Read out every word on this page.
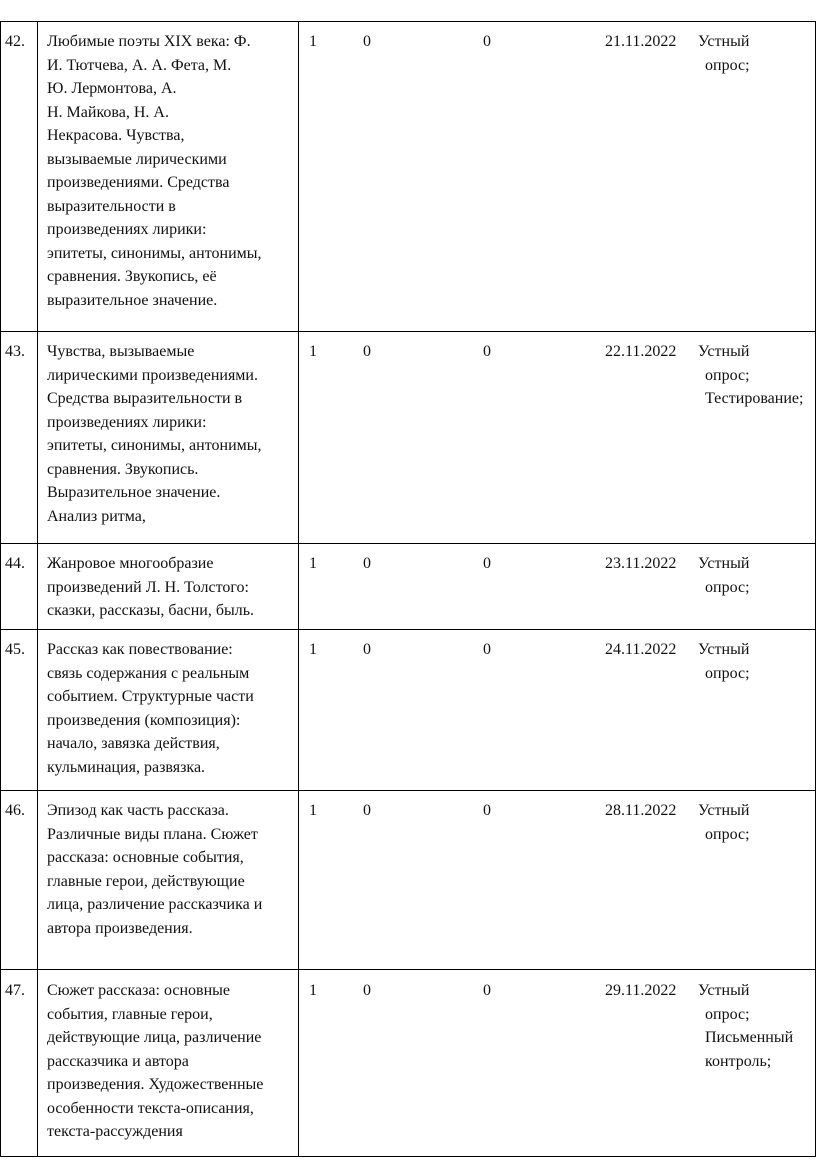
42.	Любимые поэты XIX века: Ф.
И. Тютчева, А. А. Фета, М.
Ю. Лермонтова, А.
Н. Майкова, Н. А.
Некрасова. Чувства,
вызываемые лирическими
произведениями. Средства
выразительности в
произведениях лирики:
эпитеты, синонимы, антонимы,
сравнения. Звукопись, её
выразительное значение.
1	0	0	21.11.2022	Устный
опрос;
43.	Чувства, вызываемые
лирическими произведениями.
Средства выразительности в
произведениях лирики:
эпитеты, синонимы, антонимы,
сравнения. Звукопись.
Выразительное значение.
Анализ ритма,
1	0	0	22.11.2022	Устный
опрос;
Тестирование;
44.	Жанровое многообразие
произведений Л. Н. Толстого:
сказки, рассказы, басни, быль.
1	0	0	23.11.2022	Устный
опрос;
45.	Рассказ как повествование:
связь содержания с реальным
событием. Структурные части
произведения (композиция):
начало, завязка действия,
кульминация, развязка.
1	0	0	24.11.2022	Устный
опрос;
46.	Эпизод как часть рассказа.
Различные виды плана. Сюжет
рассказа: основные события,
главные герои, действующие
лица, различение рассказчика и
автора произведения.
1	0	0	28.11.2022	Устный
опрос;
47.	Сюжет рассказа: основные
события, главные герои,
действующие лица, различение
рассказчика и автора
произведения. Художественные
особенности текста-описания,
текста-рассуждения
1	0	0	29.11.2022	Устный
опрос;
Письменный
контроль;
